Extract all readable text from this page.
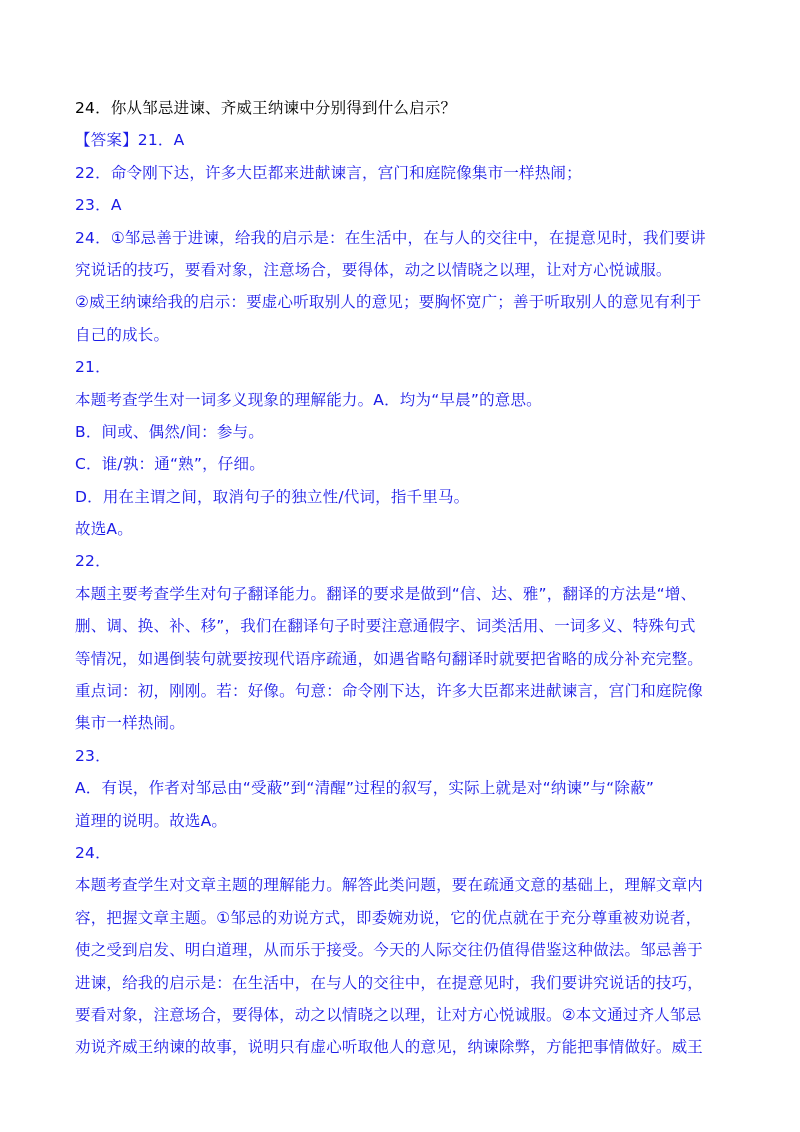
24．你从邹忌进谏、齐威王纳谏中分别得到什么启示？
【答案】21．A
22．命令刚下达，许多大臣都来进献谏言，宫门和庭院像集市一样热闹；
23．A
24．①邹忌善于进谏，给我的启示是：在生活中，在与人的交往中，在提意见时，我们要讲
究说话的技巧，要看对象，注意场合，要得体，动之以情晓之以理，让对方心悦诚服。
②威王纳谏给我的启示：要虚心听取别人的意见；要胸怀宽广；善于听取别人的意见有利于
自己的成长。
21．
本题考查学生对一词多义现象的理解能力。A．均为“早晨”的意思。
B．间或、偶然/间：参与。
C．谁/孰：通“熟”，仔细。
D．用在主谓之间，取消句子的独立性/代词，指千里马。
故选A。
22．
本题主要考查学生对句子翻译能力。翻译的要求是做到“信、达、雅”，翻译的方法是“增、
删、调、换、补、移”，我们在翻译句子时要注意通假字、词类活用、一词多义、特殊句式
等情况，如遇倒装句就要按现代语序疏通，如遇省略句翻译时就要把省略的成分补充完整。
重点词：初，刚刚。若：好像。句意：命令刚下达，许多大臣都来进献谏言，宫门和庭院像
集市一样热闹。
23．
A．有误，作者对邹忌由“受蔽”到“清醒”过程的叙写，实际上就是对“纳谏”与“除蔽”
道理的说明。故选A。
24．
本题考查学生对文章主题的理解能力。解答此类问题，要在疏通文意的基础上，理解文章内
容，把握文章主题。①邹忌的劝说方式，即委婉劝说，它的优点就在于充分尊重被劝说者，
使之受到启发、明白道理，从而乐于接受。今天的人际交往仍值得借鉴这种做法。邹忌善于
进谏，给我的启示是：在生活中，在与人的交往中，在提意见时，我们要讲究说话的技巧，
要看对象，注意场合，要得体，动之以情晓之以理，让对方心悦诚服。②本文通过齐人邹忌
劝说齐威王纳谏的故事，说明只有虚心听取他人的意见，纳谏除弊，方能把事情做好。威王
